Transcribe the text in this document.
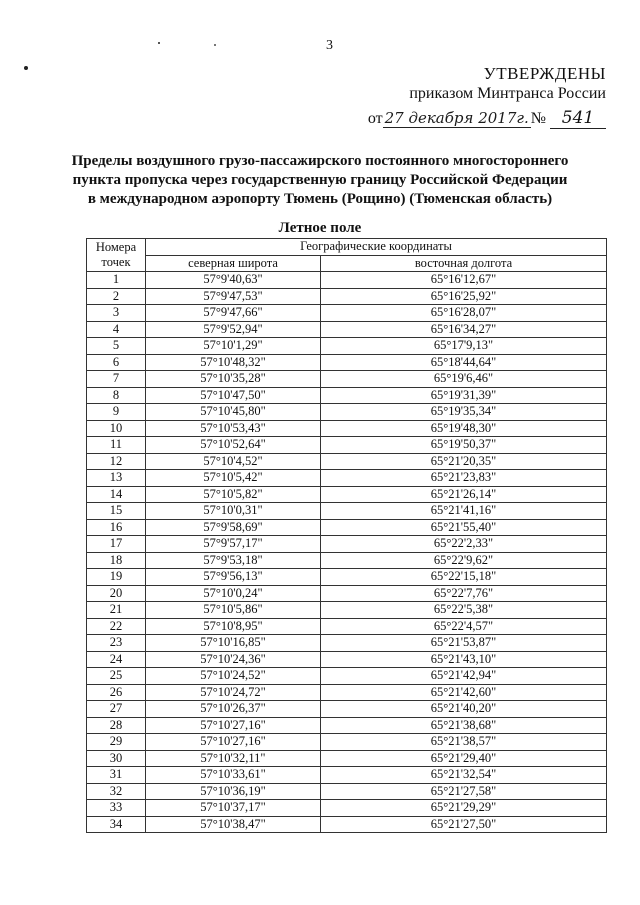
3
УТВЕРЖДЕНЫ
приказом Минтранса России
от 27 декабря 2017г. № 541
Пределы воздушного грузо-пассажирского постоянного многостороннего
пункта пропуска через государственную границу Российской Федерации
в международном аэропорту Тюмень (Рощино) (Тюменская область)
Летное поле
Номера
точек	Географические координаты	
	северная широта	восточная долгота
1	57°9'40,63"	65°16'12,67"
2	57°9'47,53"	65°16'25,92"
3	57°9'47,66"	65°16'28,07"
4	57°9'52,94"	65°16'34,27"
5	57°10'1,29"	65°17'9,13"
6	57°10'48,32"	65°18'44,64"
7	57°10'35,28"	65°19'6,46"
8	57°10'47,50"	65°19'31,39"
9	57°10'45,80"	65°19'35,34"
10	57°10'53,43"	65°19'48,30"
11	57°10'52,64"	65°19'50,37"
12	57°10'4,52"	65°21'20,35"
13	57°10'5,42"	65°21'23,83"
14	57°10'5,82"	65°21'26,14"
15	57°10'0,31"	65°21'41,16"
16	57°9'58,69"	65°21'55,40"
17	57°9'57,17"	65°22'2,33"
18	57°9'53,18"	65°22'9,62"
19	57°9'56,13"	65°22'15,18"
20	57°10'0,24"	65°22'7,76"
21	57°10'5,86"	65°22'5,38"
22	57°10'8,95"	65°22'4,57"
23	57°10'16,85"	65°21'53,87"
24	57°10'24,36"	65°21'43,10"
25	57°10'24,52"	65°21'42,94"
26	57°10'24,72"	65°21'42,60"
27	57°10'26,37"	65°21'40,20"
28	57°10'27,16"	65°21'38,68"
29	57°10'27,16"	65°21'38,57"
30	57°10'32,11"	65°21'29,40"
31	57°10'33,61"	65°21'32,54"
32	57°10'36,19"	65°21'27,58"
33	57°10'37,17"	65°21'29,29"
34	57°10'38,47"	65°21'27,50"
